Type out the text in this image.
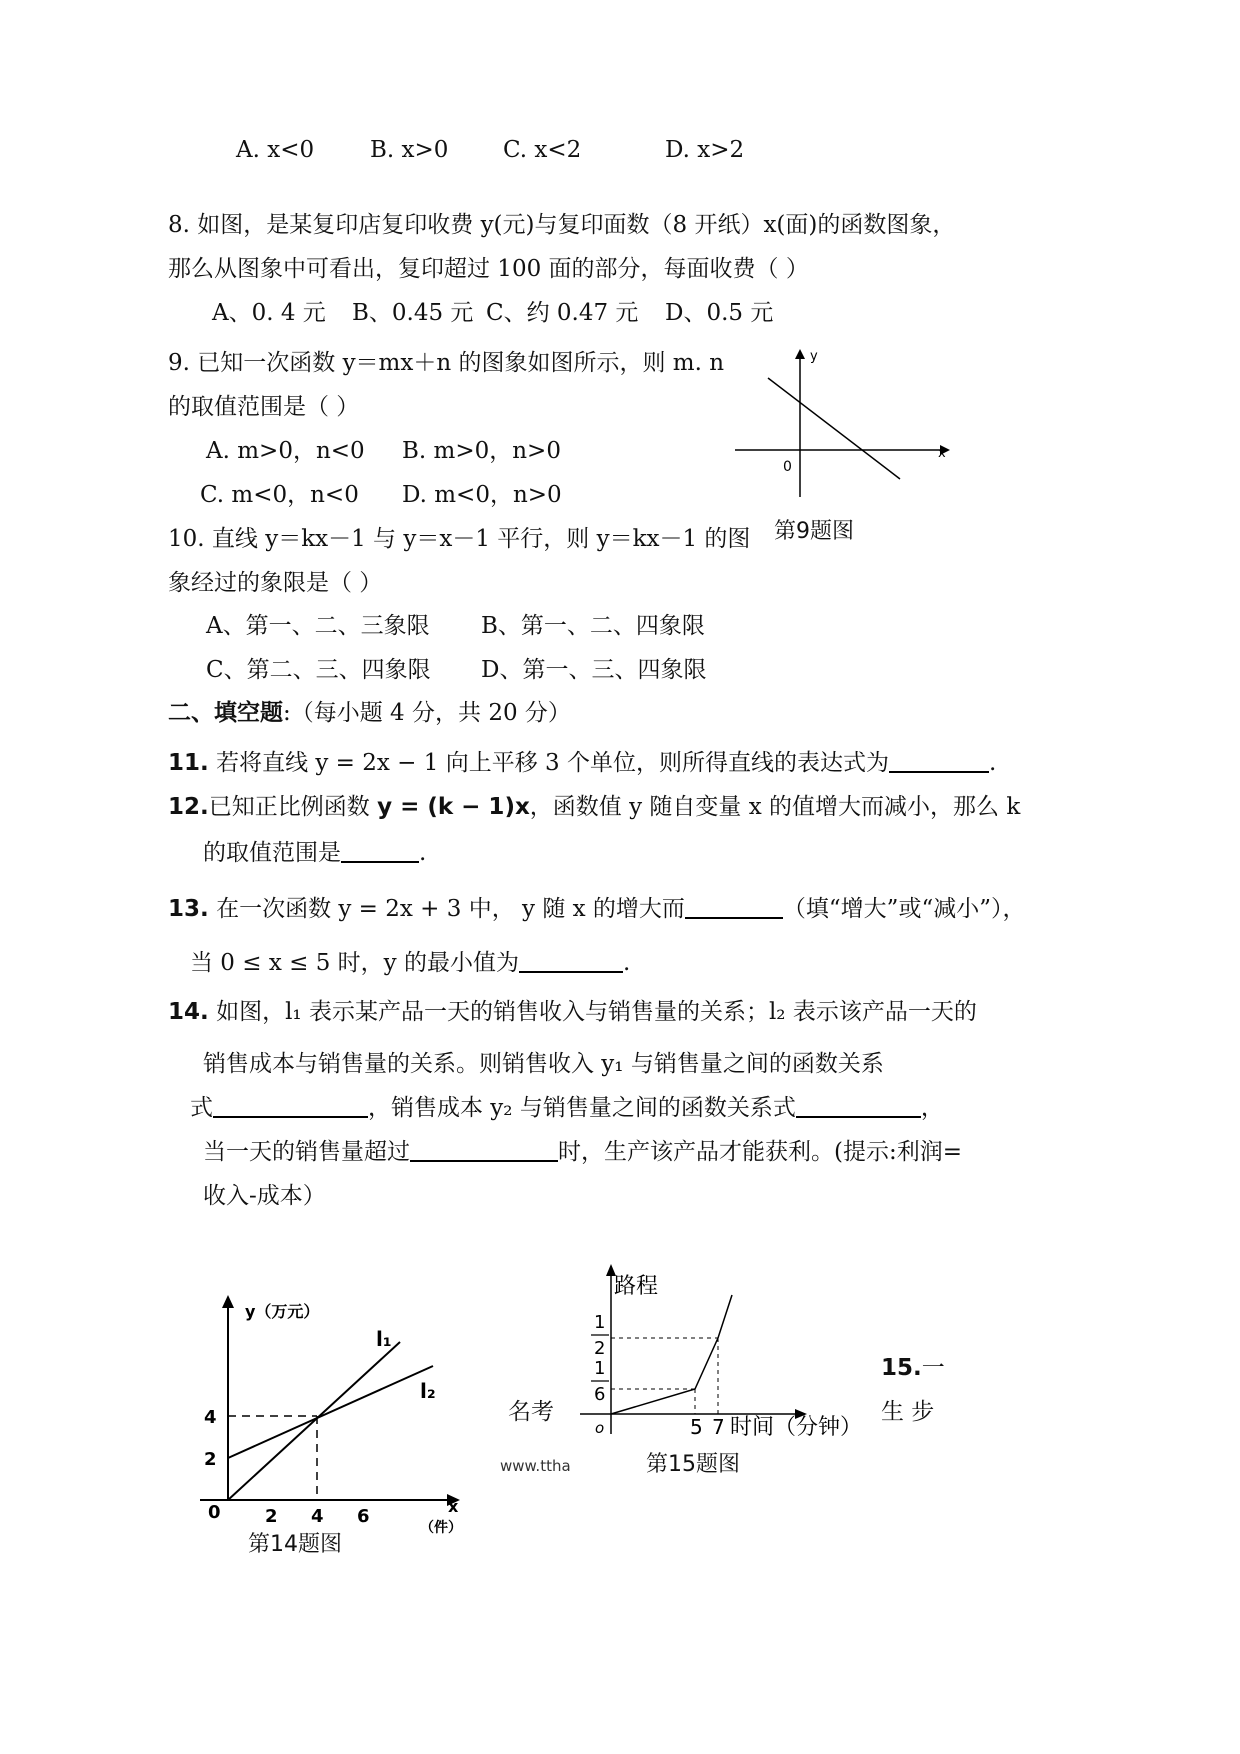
A. x<0 B. x>0 C. x<2	D. x>2
8. 如图，是某复印店复印收费 y(元)与复印面数（8 开纸）x(面)的函数图象，
那么从图象中可看出，复印超过 100 面的部分，每面收费（ ）
A、0. 4 元 B、0.45 元 C、约 0.47 元 D、0.5 元
9. 已知一次函数 y＝mx＋n 的图象如图所示，则 m. n
的取值范围是（ ）
A. m>0，n<0 B. m>0，n>0
C. m<0，n<0 D. m<0，n>0
y
x
0
第9题图
10. 直线 y＝kx－1 与 y＝x－1 平行，则 y＝kx－1 的图
象经过的象限是（ ）
A、第一、二、三象限 B、第一、二、四象限
C、第二、三、四象限 D、第一、三、四象限
二、填空题:（每小题 4 分，共 20 分）
11. 若将直线 y = 2x − 1 向上平移 3 个单位，则所得直线的表达式为	.
12.已知正比例函数 y = (k − 1)x，函数值 y 随自变量 x 的值增大而减小，那么 k
的取值范围是	.
13. 在一次函数 y = 2x + 3 中， y 随 x 的增大而	（填“增大”或“减小”），
当 0 ≤ x ≤ 5 时，y 的最小值为	.
14. 如图，l₁ 表示某产品一天的销售收入与销售量的关系；l₂ 表示该产品一天的
销售成本与销售量的关系。则销售收入 y₁ 与销售量之间的函数关系
式	，销售成本 y₂ 与销售量之间的函数关系式	，
当一天的销售量超过	时，生产该产品才能获利。(提示:利润=
收入-成本）
y（万元）
0 2 4 6
2
4
x
（件）
l₁
l₂
第14题图
名考
www.ttha
1
2
1
6
路程
o	5 7 时间（分钟）
第15题图
15.一
生 步
